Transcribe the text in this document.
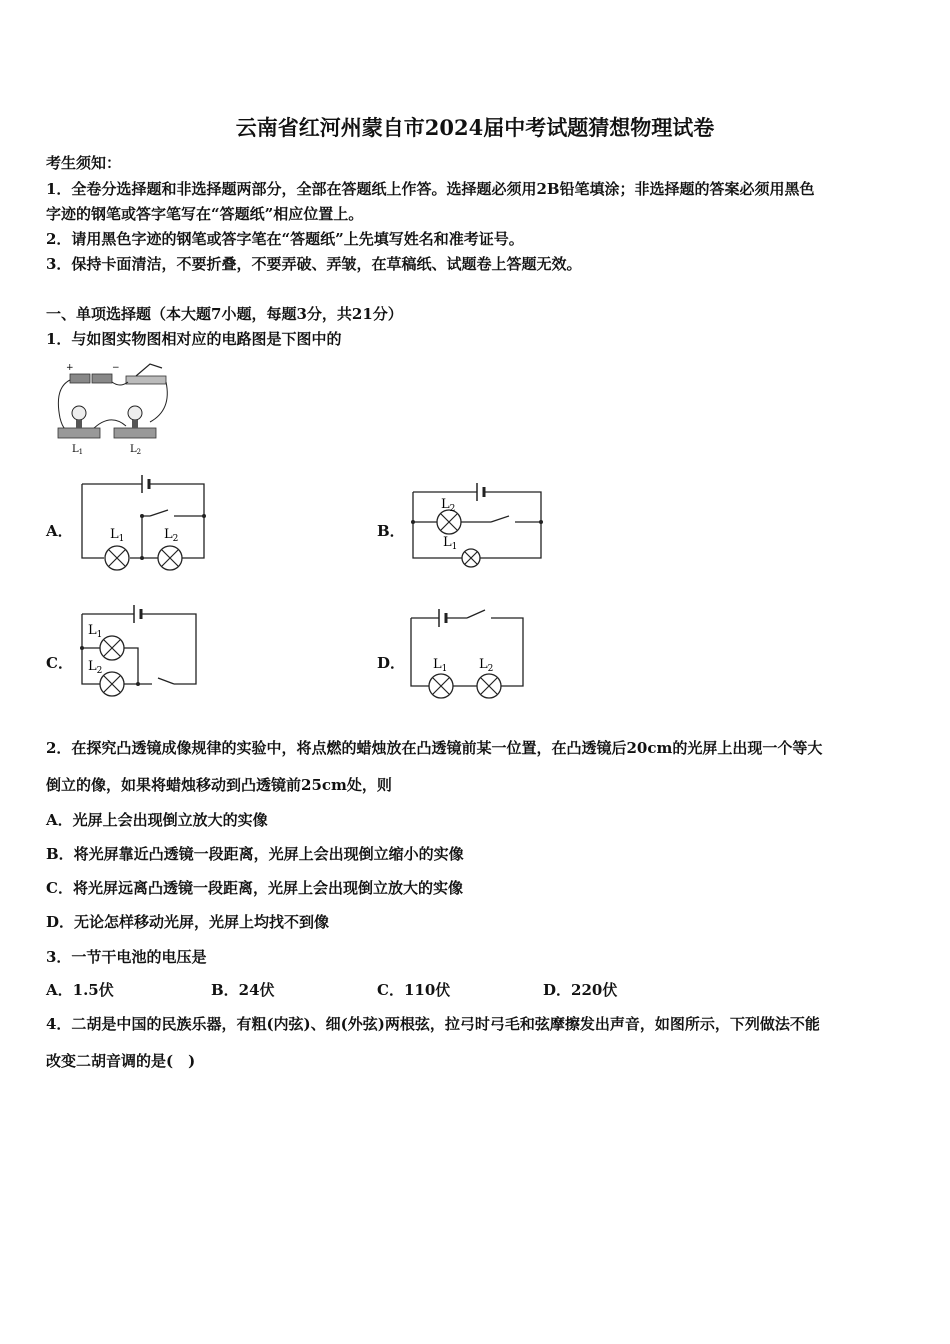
云南省红河州蒙自市2024届中考试题猜想物理试卷
考生须知：
1．全卷分选择题和非选择题两部分，全部在答题纸上作答。选择题必须用2B铅笔填涂；非选择题的答案必须用黑色
字迹的钢笔或答字笔写在“答题纸”相应位置上。
2．请用黑色字迹的钢笔或答字笔在“答题纸”上先填写姓名和准考证号。
3．保持卡面清洁，不要折叠，不要弄破、弄皱，在草稿纸、试题卷上答题无效。
一、单项选择题（本大题7小题，每题3分，共21分）
1．与如图实物图相对应的电路图是下图中的
+	−
$L_1$	$L_2$
A．	$L_1$	$L_2$	B．
$L_2$
$L_1$
C．
$L_1$
$L_2$	D． $L_1$ $L_2$
2．在探究凸透镜成像规律的实验中，将点燃的蜡烛放在凸透镜前某一位置，在凸透镜后20cm的光屏上出现一个等大
倒立的像，如果将蜡烛移动到凸透镜前25cm处，则
A．光屏上会出现倒立放大的实像
B．将光屏靠近凸透镜一段距离，光屏上会出现倒立缩小的实像
C．将光屏远离凸透镜一段距离，光屏上会出现倒立放大的实像
D．无论怎样移动光屏，光屏上均找不到像
3．一节干电池的电压是
A．1.5伏	B．24伏	C．110伏	D．220伏
4．二胡是中国的民族乐器，有粗(内弦)、细(外弦)两根弦，拉弓时弓毛和弦摩擦发出声音，如图所示，下列做法不能
改变二胡音调的是(　)
